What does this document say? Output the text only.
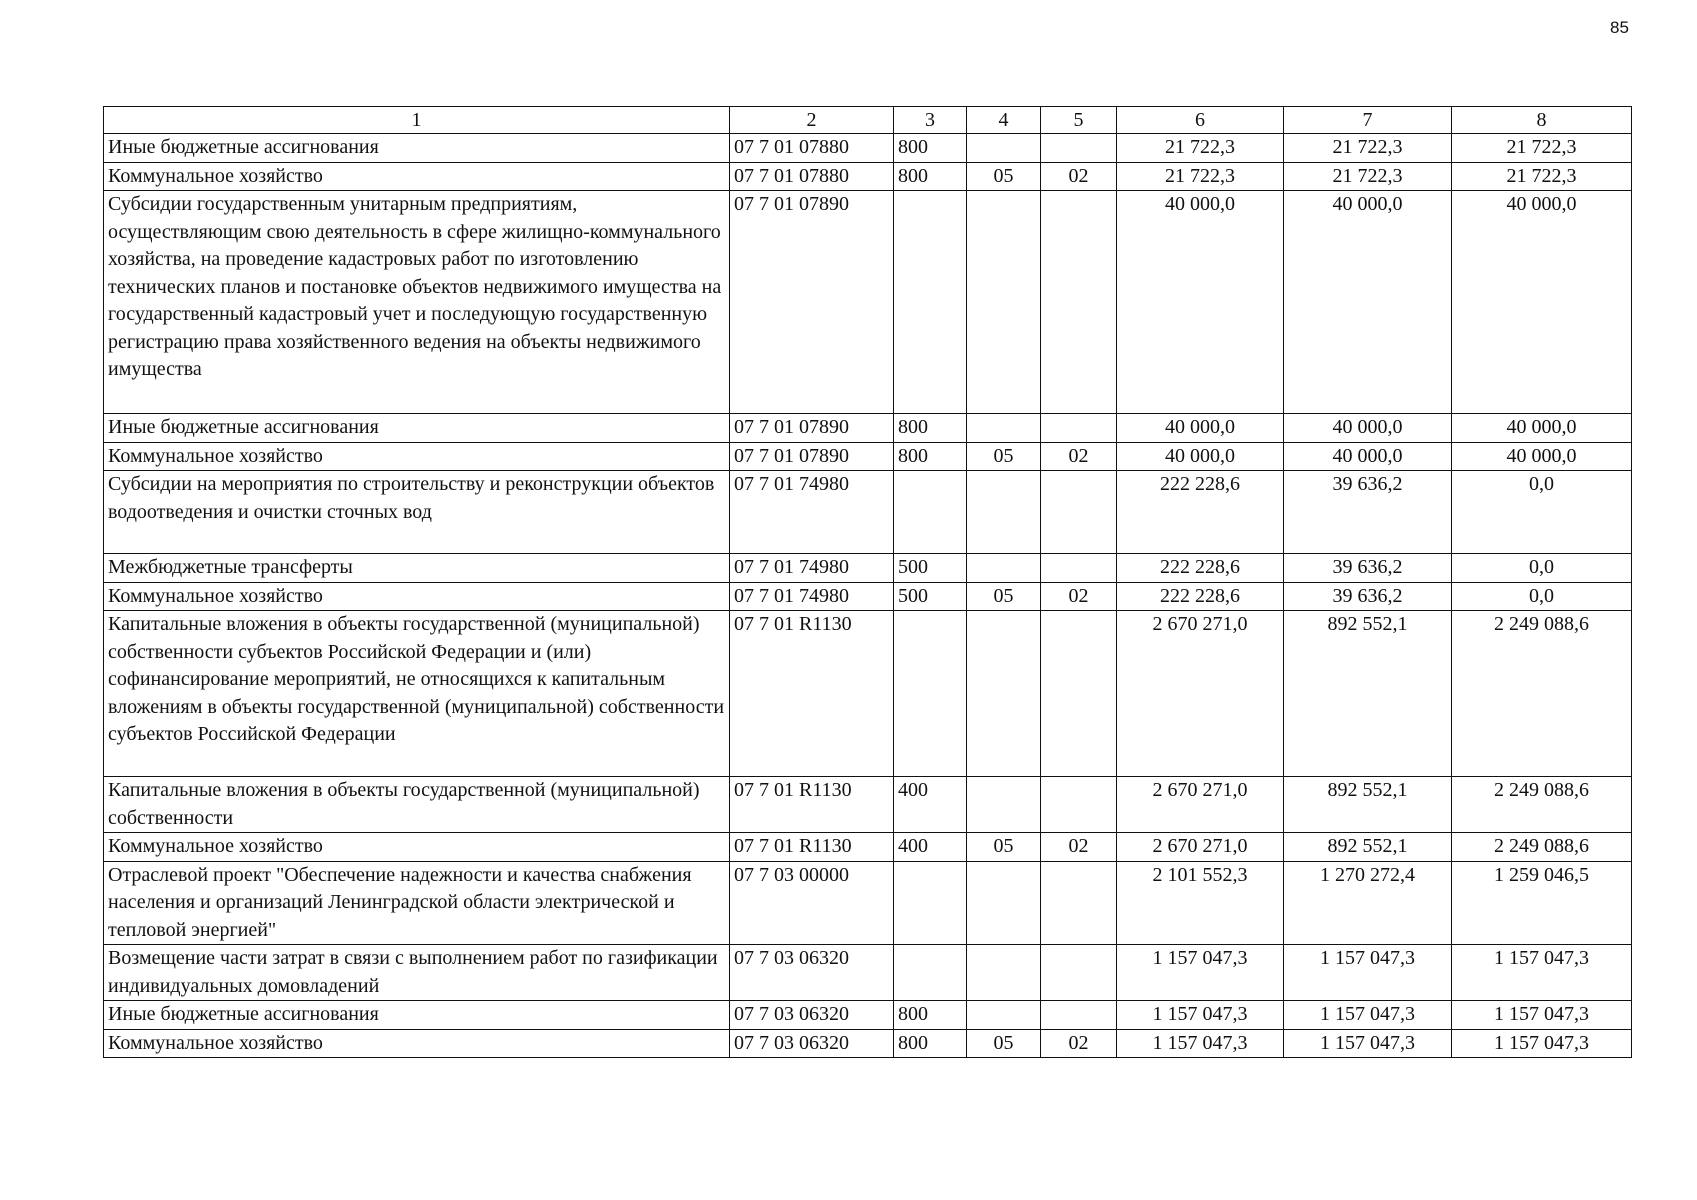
85
1	2	3	4	5	6	7	8
Иные бюджетные ассигнования	07 7 01 07880	800			21 722,3	21 722,3	21 722,3
Коммунальное хозяйство	07 7 01 07880	800	05	02	21 722,3	21 722,3	21 722,3
Субсидии государственным унитарным предприятиям, осуществляющим свою деятельность в сфере жилищно-коммунального хозяйства, на проведение кадастровых работ по изготовлению технических планов и постановке объектов недвижимого имущества на государственный кадастровый учет и последующую государственную регистрацию права хозяйственного ведения на объекты недвижимого имущества	07 7 01 07890				40 000,0	40 000,0	40 000,0
Иные бюджетные ассигнования	07 7 01 07890	800			40 000,0	40 000,0	40 000,0
Коммунальное хозяйство	07 7 01 07890	800	05	02	40 000,0	40 000,0	40 000,0
Субсидии на мероприятия по строительству и реконструкции объектов водоотведения и очистки сточных вод	07 7 01 74980				222 228,6	39 636,2	0,0
Межбюджетные трансферты	07 7 01 74980	500			222 228,6	39 636,2	0,0
Коммунальное хозяйство	07 7 01 74980	500	05	02	222 228,6	39 636,2	0,0
Капитальные вложения в объекты государственной (муниципальной) собственности субъектов Российской Федерации и (или) софинансирование мероприятий, не относящихся к капитальным вложениям в объекты государственной (муниципальной) собственности субъектов Российской Федерации	07 7 01 R1130				2 670 271,0	892 552,1	2 249 088,6
Капитальные вложения в объекты государственной (муниципальной) собственности	07 7 01 R1130	400			2 670 271,0	892 552,1	2 249 088,6
Коммунальное хозяйство	07 7 01 R1130	400	05	02	2 670 271,0	892 552,1	2 249 088,6
Отраслевой проект "Обеспечение надежности и качества снабжения населения и организаций Ленинградской области электрической и тепловой энергией"	07 7 03 00000				2 101 552,3	1 270 272,4	1 259 046,5
Возмещение части затрат в связи с выполнением работ по газификации индивидуальных домовладений	07 7 03 06320				1 157 047,3	1 157 047,3	1 157 047,3
Иные бюджетные ассигнования	07 7 03 06320	800			1 157 047,3	1 157 047,3	1 157 047,3
Коммунальное хозяйство	07 7 03 06320	800	05	02	1 157 047,3	1 157 047,3	1 157 047,3
